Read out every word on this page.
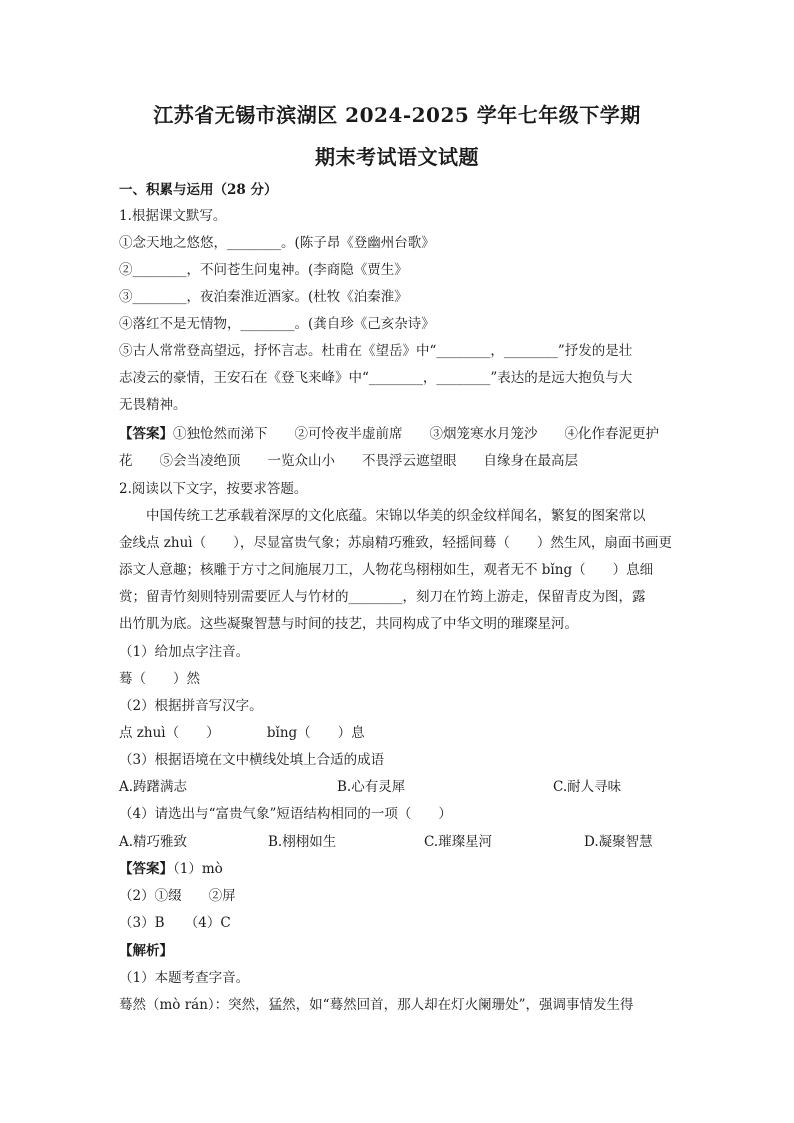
江苏省无锡市滨湖区 2024-2025 学年七年级下学期
期末考试语文试题
一、积累与运用（28 分）
1.根据课文默写。
①念天地之悠悠，________。(陈子昂《登幽州台歌》
②________，不问苍生问鬼神。(李商隐《贾生》
③________，夜泊秦淮近酒家。(杜牧《泊秦淮》
④落红不是无情物，________。(龚自珍《己亥杂诗》
⑤古人常常登高望远，抒怀言志。杜甫在《望岳》中“________，________”抒发的是壮
志凌云的豪情，王安石在《登飞来峰》中“________，________”表达的是远大抱负与大
无畏精神。
【答案】①独怆然而涕下　　②可怜夜半虚前席　　③烟笼寒水月笼沙　　④化作春泥更护
花　　⑤会当凌绝顶　　一览众山小　　不畏浮云遮望眼　　自缘身在最高层
2.阅读以下文字，按要求答题。
中国传统工艺承载着深厚的文化底蕴。宋锦以华美的织金纹样闻名，繁复的图案常以
金线点 zhuì（　　），尽显富贵气象；苏扇精巧雅致，轻摇间蓦（　　）然生风，扇面书画更
添文人意趣；核雕于方寸之间施展刀工，人物花鸟栩栩如生，观者无不 bǐng（　　）息细
赏；留青竹刻则特别需要匠人与竹材的________，刻刀在竹筠上游走，保留青皮为图，露
出竹肌为底。这些凝聚智慧与时间的技艺，共同构成了中华文明的璀璨星河。
（1）给加点字注音。
蓦（　　）然
（2）根据拼音写汉字。
点 zhuì（　　）　　　　bǐng（　　）息
（3）根据语境在文中横线处填上合适的成语
A.踌躇满志	B.心有灵犀	C.耐人寻味
（4）请选出与“富贵气象”短语结构相同的一项（　　）
A.精巧雅致	B.栩栩如生	C.璀璨星河	D.凝聚智慧
【答案】（1）mò
（2）①缀　　②屏
（3）B　　（4）C
【解析】
（1）本题考查字音。
蓦然（mò rán）：突然，猛然，如“蓦然回首，那人却在灯火阑珊处”，强调事情发生得
